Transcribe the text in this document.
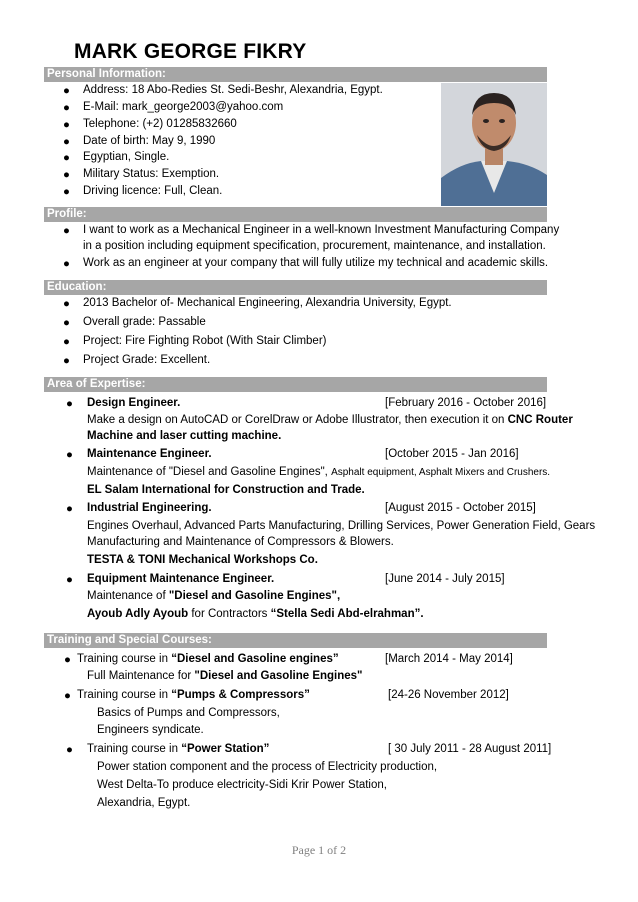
MARK GEORGE FIKRY
Personal Information:
● Address: 18 Abo-Redies St. Sedi-Beshr, Alexandria, Egypt.
● E-Mail: mark_george2003@yahoo.com
● Telephone: (+2) 01285832660
● Date of birth: May 9, 1990
● Egyptian, Single.
● Military Status: Exemption.
● Driving licence: Full, Clean.
Profile:
● I want to work as a Mechanical Engineer in a well-known Investment Manufacturing Company
in a position including equipment specification, procurement, maintenance, and installation.
● Work as an engineer at your company that will fully utilize my technical and academic skills.
Education:
● 2013 Bachelor of- Mechanical Engineering, Alexandria University, Egypt.
● Overall grade: Passable
● Project: Fire Fighting Robot (With Stair Climber)
● Project Grade: Excellent.
Area of Expertise:
● Design Engineer.	[February 2016 - October 2016]
Make a design on AutoCAD or CorelDraw or Adobe Illustrator, then execution it on CNC Router
Machine and laser cutting machine.
● Maintenance Engineer.	[October 2015 - Jan 2016]
Maintenance of "Diesel and Gasoline Engines", Asphalt equipment, Asphalt Mixers and Crushers.
EL Salam International for Construction and Trade.
● Industrial Engineering.	[August 2015 - October 2015]
Engines Overhaul, Advanced Parts Manufacturing, Drilling Services, Power Generation Field, Gears
Manufacturing and Maintenance of Compressors & Blowers.
TESTA & TONI Mechanical Workshops Co.
● Equipment Maintenance Engineer.	[June 2014 - July 2015]
Maintenance of "Diesel and Gasoline Engines",
Ayoub Adly Ayoub for Contractors “Stella Sedi Abd-elrahman”.
Training and Special Courses:
● Training course in “Diesel and Gasoline engines”	[March 2014 - May 2014]
Full Maintenance for "Diesel and Gasoline Engines"
● Training course in “Pumps & Compressors”	[24-26 November 2012]
Basics of Pumps and Compressors,
Engineers syndicate.
● Training course in “Power Station”	[ 30 July 2011 - 28 August 2011]
Power station component and the process of Electricity production,
West Delta-To produce electricity-Sidi Krir Power Station,
Alexandria, Egypt.
Page 1 of 2
